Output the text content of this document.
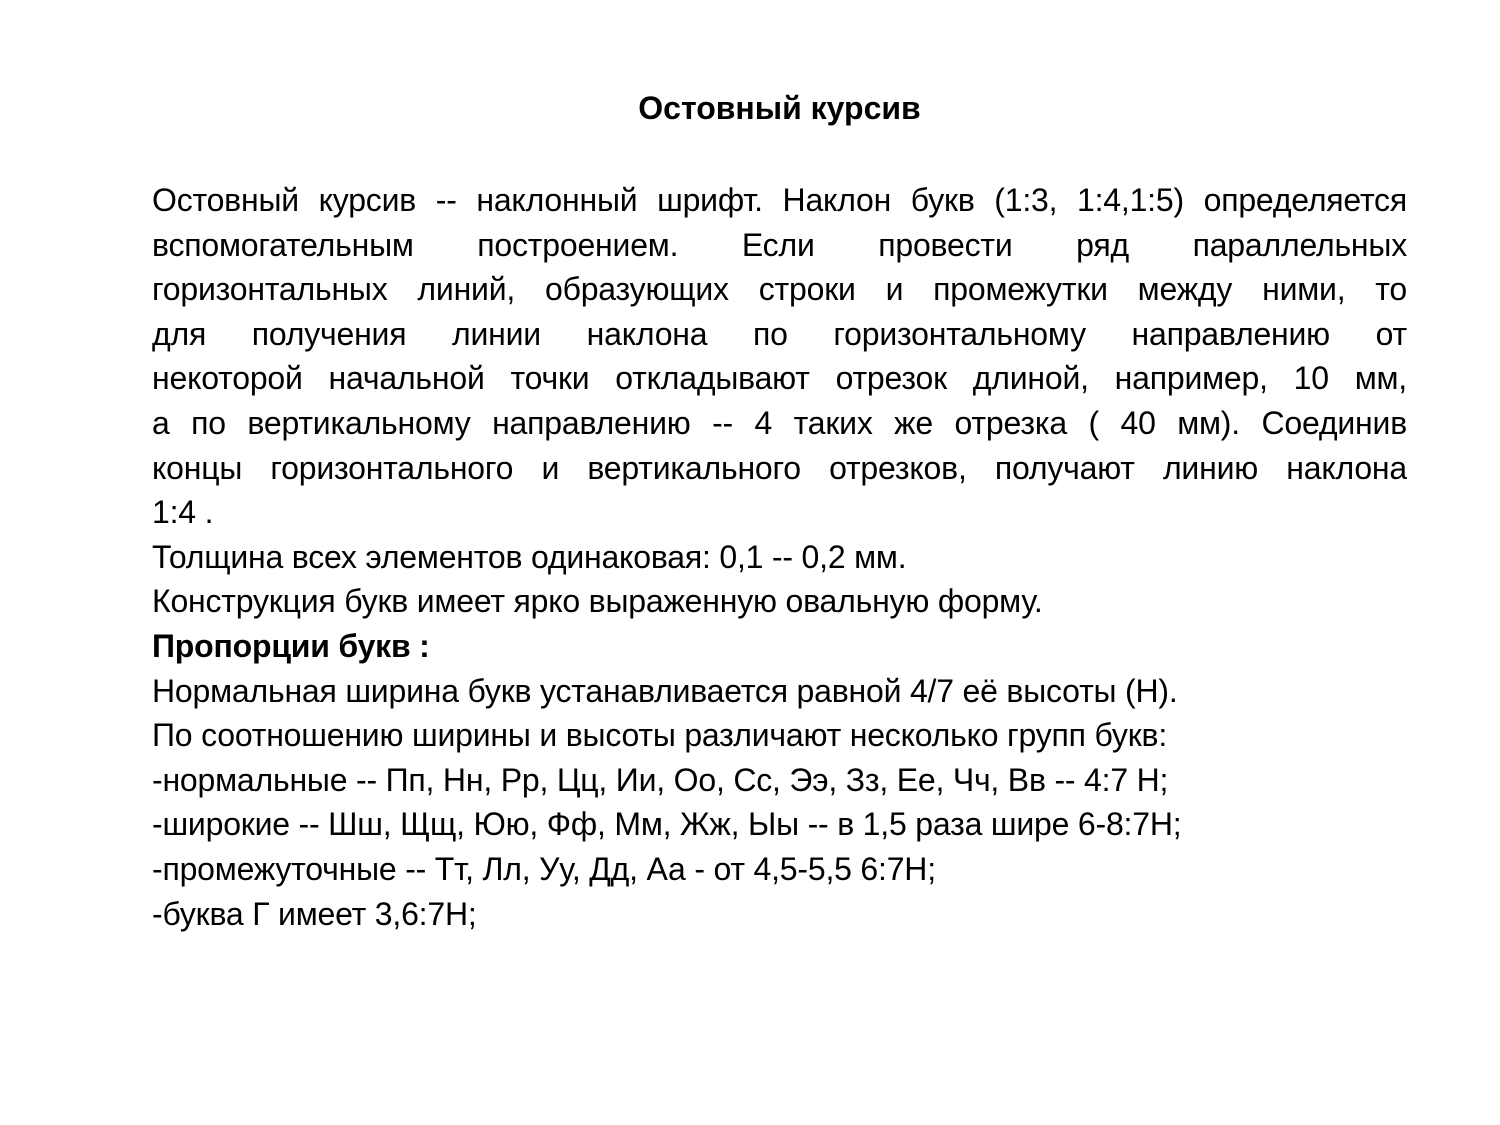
Остовный курсив
Остовный курсив -- наклонный шрифт. Наклон букв (1:3, 1:4,1:5) определяется
вспомогательным построением. Если провести ряд параллельных
горизонтальных линий, образующих строки и промежутки между ними, то
для получения линии наклона по горизонтальному направлению от
некоторой начальной точки откладывают отрезок длиной, например, 10 мм,
а по вертикальному направлению -- 4 таких же отрезка ( 40 мм). Соединив
концы горизонтального и вертикального отрезков, получают линию наклона
1:4 .
Толщина всех элементов одинаковая: 0,1 -- 0,2 мм.
Конструкция букв имеет ярко выраженную овальную форму.
Пропорции букв :
Нормальная ширина букв устанавливается равной 4/7 её высоты (Н).
По соотношению ширины и высоты различают несколько групп букв:
-нормальные -- Пп, Нн, Рр, Цц, Ии, Оо, Сс, Ээ, Зз, Ее, Чч, Вв -- 4:7 Н;
-широкие -- Шш, Щщ, Юю, Фф, Мм, Жж, Ыы -- в 1,5 раза шире 6-8:7Н;
-промежуточные -- Тт, Лл, Уу, Дд, Аа - от 4,5-5,5 6:7Н;
-буква Г имеет 3,6:7Н;
